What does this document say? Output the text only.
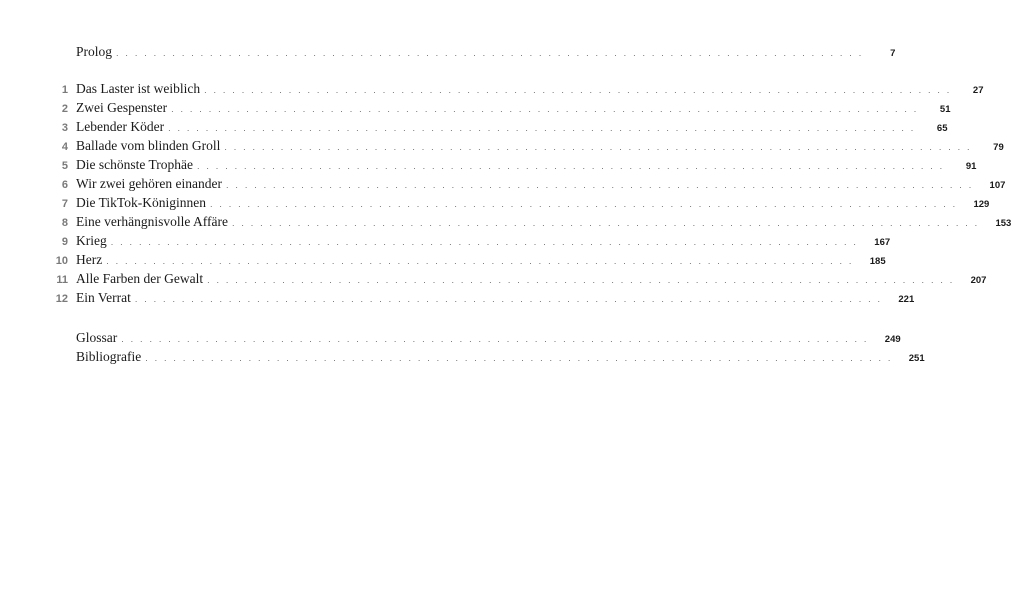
Prolog . . . . . . . . . . . . . . . . . . . . . . . . . . . . . . . . . . . . . . . . . . . . . . . . . . . . . . . . . . . . . . . . . . . . . . . . . . . . . . . .	7
1 Das Laster ist weiblich . . . . . . . . . . . . . . . . . . . . . . . . . . . . . . . . . . . . . . . . . . . . . . . . . . . . . . . . . . . . . . . . . . . . . . . . . . . . . . . .	27
2 Zwei Gespenster . . . . . . . . . . . . . . . . . . . . . . . . . . . . . . . . . . . . . . . . . . . . . . . . . . . . . . . . . . . . . . . . . . . . . . . . . . . . . . . .	51
3 Lebender Köder . . . . . . . . . . . . . . . . . . . . . . . . . . . . . . . . . . . . . . . . . . . . . . . . . . . . . . . . . . . . . . . . . . . . . . . . . . . . . . . .	65
4 Ballade vom blinden Groll . . . . . . . . . . . . . . . . . . . . . . . . . . . . . . . . . . . . . . . . . . . . . . . . . . . . . . . . . . . . . . . . . . . . . . . . . . . . . . . .	79
5 Die schönste Trophäe . . . . . . . . . . . . . . . . . . . . . . . . . . . . . . . . . . . . . . . . . . . . . . . . . . . . . . . . . . . . . . . . . . . . . . . . . . . . . . . .	91
6 Wir zwei gehören einander . . . . . . . . . . . . . . . . . . . . . . . . . . . . . . . . . . . . . . . . . . . . . . . . . . . . . . . . . . . . . . . . . . . . . . . . . . . . . . . .	107
7 Die TikTok-Königinnen . . . . . . . . . . . . . . . . . . . . . . . . . . . . . . . . . . . . . . . . . . . . . . . . . . . . . . . . . . . . . . . . . . . . . . . . . . . . . . . .	129
8 Eine verhängnisvolle Affäre . . . . . . . . . . . . . . . . . . . . . . . . . . . . . . . . . . . . . . . . . . . . . . . . . . . . . . . . . . . . . . . . . . . . . . . . . . . . . . . .	153
9 Krieg . . . . . . . . . . . . . . . . . . . . . . . . . . . . . . . . . . . . . . . . . . . . . . . . . . . . . . . . . . . . . . . . . . . . . . . . . . . . . . . .	167
10 Herz . . . . . . . . . . . . . . . . . . . . . . . . . . . . . . . . . . . . . . . . . . . . . . . . . . . . . . . . . . . . . . . . . . . . . . . . . . . . . . . .	185
11 Alle Farben der Gewalt . . . . . . . . . . . . . . . . . . . . . . . . . . . . . . . . . . . . . . . . . . . . . . . . . . . . . . . . . . . . . . . . . . . . . . . . . . . . . . . .	207
12 Ein Verrat . . . . . . . . . . . . . . . . . . . . . . . . . . . . . . . . . . . . . . . . . . . . . . . . . . . . . . . . . . . . . . . . . . . . . . . . . . . . . . . .	221
Glossar . . . . . . . . . . . . . . . . . . . . . . . . . . . . . . . . . . . . . . . . . . . . . . . . . . . . . . . . . . . . . . . . . . . . . . . . . . . . . . . .	249
Bibliografie . . . . . . . . . . . . . . . . . . . . . . . . . . . . . . . . . . . . . . . . . . . . . . . . . . . . . . . . . . . . . . . . . . . . . . . . . . . . . . . .	251
